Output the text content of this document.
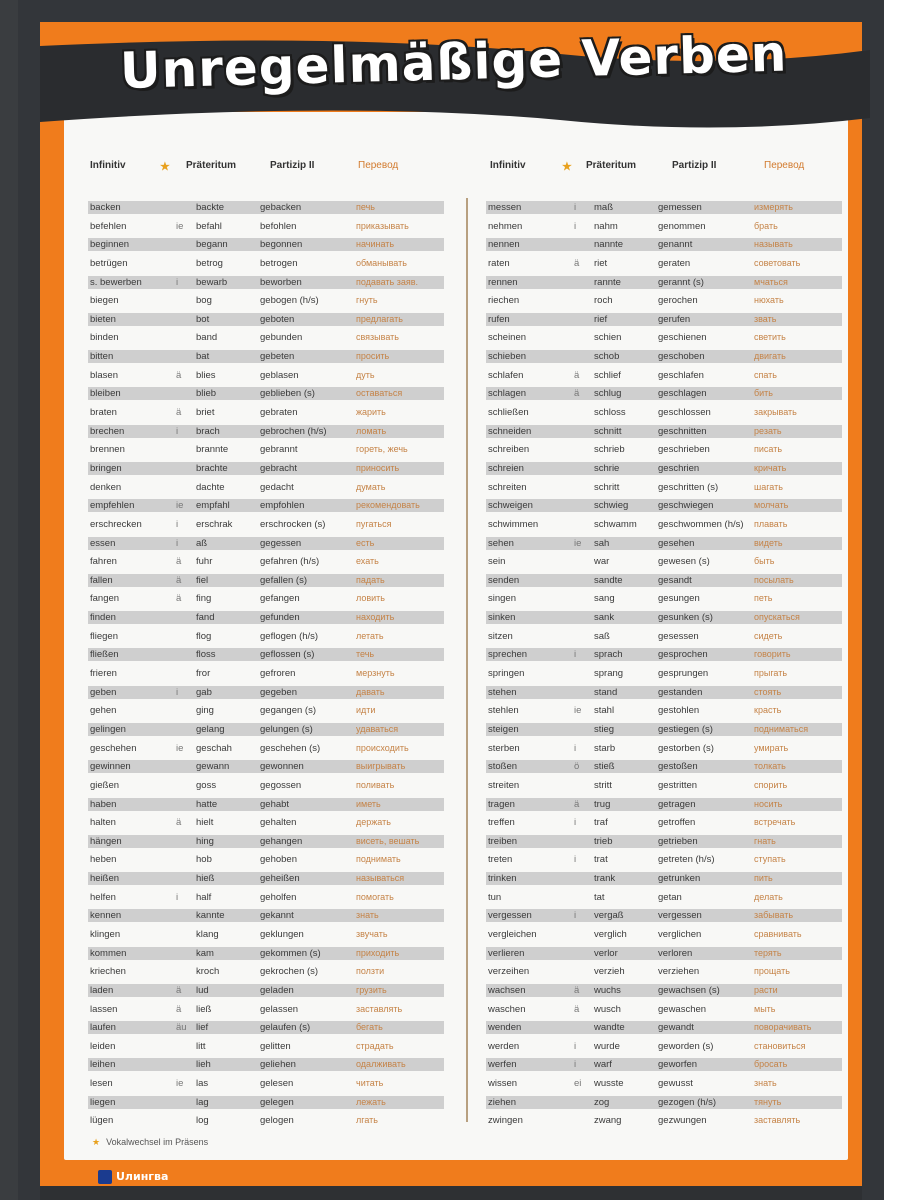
Unregelmäßige Verben
Infinitiv	★ Präteritum	Partizip II	Перевод	Infinitiv	★ Präteritum	Partizip II	Перевод
backen	backte	gebacken	печь
befehlen	ie	befahl	befohlen	приказывать
beginnen	begann	begonnen	начинать
betrügen	betrog	betrogen	обманывать
s. bewerben	i	bewarb	beworben	подавать заяв.
biegen	bog	gebogen (h/s)	гнуть
bieten	bot	geboten	предлагать
binden	band	gebunden	связывать
bitten	bat	gebeten	просить
blasen	ä	blies	geblasen	дуть
bleiben	blieb	geblieben (s)	оставаться
braten	ä	briet	gebraten	жарить
brechen	i	brach	gebrochen (h/s)	ломать
brennen	brannte	gebrannt	гореть, жечь
bringen	brachte	gebracht	приносить
denken	dachte	gedacht	думать
empfehlen	ie	empfahl	empfohlen	рекомендовать
erschrecken	i	erschrak	erschrocken (s)	пугаться
essen	i	aß	gegessen	есть
fahren	ä	fuhr	gefahren (h/s)	ехать
fallen	ä	fiel	gefallen (s)	падать
fangen	ä	fing	gefangen	ловить
finden	fand	gefunden	находить
fliegen	flog	geflogen (h/s)	летать
fließen	floss	geflossen (s)	течь
frieren	fror	gefroren	мерзнуть
geben	i	gab	gegeben	давать
gehen	ging	gegangen (s)	идти
gelingen	gelang	gelungen (s)	удаваться
geschehen	ie	geschah	geschehen (s)	происходить
gewinnen	gewann	gewonnen	выигрывать
gießen	goss	gegossen	поливать
haben	hatte	gehabt	иметь
halten	ä	hielt	gehalten	держать
hängen	hing	gehangen	висеть, вешать
heben	hob	gehoben	поднимать
heißen	hieß	geheißen	называться
helfen	i	half	geholfen	помогать
kennen	kannte	gekannt	знать
klingen	klang	geklungen	звучать
kommen	kam	gekommen (s)	приходить
kriechen	kroch	gekrochen (s)	ползти
laden	ä	lud	geladen	грузить
lassen	ä	ließ	gelassen	заставлять
laufen	äu lief	gelaufen (s)	бегать
leiden	litt	gelitten	страдать
leihen	lieh	geliehen	одалживать
lesen	ie	las	gelesen	читать
liegen	lag	gelegen	лежать
lügen	log	gelogen	лгать
messen	i	maß	gemessen	измерять
nehmen	i	nahm	genommen	брать
nennen	nannte	genannt	называть
raten	ä	riet	geraten	советовать
rennen	rannte	gerannt (s)	мчаться
riechen	roch	gerochen	нюхать
rufen	rief	gerufen	звать
scheinen	schien	geschienen	светить
schieben	schob	geschoben	двигать
schlafen	ä	schlief	geschlafen	спать
schlagen	ä	schlug	geschlagen	бить
schließen	schloss	geschlossen	закрывать
schneiden	schnitt	geschnitten	резать
schreiben	schrieb	geschrieben	писать
schreien	schrie	geschrien	кричать
schreiten	schritt	geschritten (s)	шагать
schweigen	schwieg	geschwiegen	молчать
schwimmen	schwamm	geschwommen (h/s)	плавать
sehen	ie	sah	gesehen	видеть
sein	war	gewesen (s)	быть
senden	sandte	gesandt	посылать
singen	sang	gesungen	петь
sinken	sank	gesunken (s)	опускаться
sitzen	saß	gesessen	сидеть
sprechen	i	sprach	gesprochen	говорить
springen	sprang	gesprungen	прыгать
stehen	stand	gestanden	стоять
stehlen	ie	stahl	gestohlen	красть
steigen	stieg	gestiegen (s)	подниматься
sterben	i	starb	gestorben (s)	умирать
stoßen	ö	stieß	gestoßen	толкать
streiten	stritt	gestritten	спорить
tragen	ä	trug	getragen	носить
treffen	i	traf	getroffen	встречать
treiben	trieb	getrieben	гнать
treten	i	trat	getreten (h/s)	ступать
trinken	trank	getrunken	пить
tun	tat	getan	делать
vergessen	i	vergaß	vergessen	забывать
vergleichen	verglich	verglichen	сравнивать
verlieren	verlor	verloren	терять
verzeihen	verzieh	verziehen	прощать
wachsen	ä	wuchs	gewachsen (s)	расти
waschen	ä	wusch	gewaschen	мыть
wenden	wandte	gewandt	поворачивать
werden	i	wurde	geworden (s)	становиться
werfen	i	warf	geworfen	бросать
wissen	ei	wusste	gewusst	знать
ziehen	zog	gezogen (h/s)	тянуть
zwingen	zwang	gezwungen	заставлять
★ Vokalwechsel im Präsens
Uлингва
